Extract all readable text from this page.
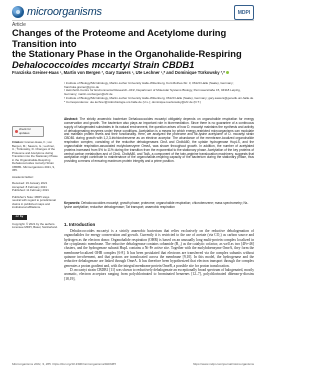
microorganisms	MDPI
Article
Changes of the Proteome and Acetylome during Transition into
the Stationary Phase in the Organohalide-Respiring
Dehalococcoides mccartyi Strain CBDB1
Franziska Greiner-Haas ¹, Martin von Bergen ², Gary Sawers ³, Ute Lechner ¹,* and Dominique Türkowsky ²,*
check for updates
Citation: Greiner-Haas, F.; von Bergen, M.; Sawers, G.; Lechner, U.; Türkowsky, D. Changes of the Proteome and Acetylome during Transition into the Stationary Phase in the Organohalide-Respiring Dehalococcoides mccartyi Strain CBDB1. Microorganisms 2021, 9, 365.
Academic Editor:
Received: 19 January 2021
Accepted: 8 February 2021
Published: 11 February 2021
Publisher's Note: MDPI stays neutral with regard to jurisdictional claims in published maps and institutional affiliations.
cc by
Copyright: © 2021 by the authors. Licensee MDPI, Basel, Switzerland.

¹ Institute of Biology/Microbiology, Martin-Luther University Halle-Wittenberg, Kurt-Mothes-Str. 3, 06120 Halle (Saale), Germany; franziska.greiner@gmx.de

² Helmholtz-Centre for Environmental Research–UFZ, Department of Molecular Systems Biology, Permoserstraße 15, 04318 Leipzig, Germany; martin.vonbergen@ufz.de

³ Institute of Biology/Microbiology, Martin-Luther University Halle-Wittenberg, 06120 Halle (Saale), Germany; gary.sawers@genetik.uni-halle.de

* Correspondence: ute.lechner@mikrobiologie.uni-halle.de (U.L.); dominique.tuerkowsky@ufz.de (D.T.)

Abstract: The strictly anaerobic bacterium Dehalococcoides mccartyi obligately depends on organohalide respiration for energy conservation and growth. The bacterium also plays an important role in bioremediation. Since there is no guarantee of a continuous supply of halogenated substrates in its natural environment, the question arises of how D. mccartyi maintains the synthesis and activity of dehalogenating enzymes under these conditions. Acetylation is a means by which energy-restricted microorganisms can modulate and maintain protein levels and their functionality. Here, we analyzed the proteome and Nε-lysine acetylome of D. mccartyi strain CBDB1 during growth with 1,2,3-trichlorobenzene as an electron acceptor. The abundance of the membrane-localized organohalide respiration complex, consisting of the reductive dehalogenases CbrA and CbdbA80, the uptake hydrogenase HupLS, and the organohalide respiration-associated molybdoenzyme OmeA, was shown throughout growth. In addition, the number of acetylated proteins increased from 5% to 11% during the transition from the exponential to the stationary phase. Acetylation of the key proteins of central carbon metabolism and of CbrA, CbdbA80, and TatA, a component of the twin-arginine translocation machinery, suggests that acetylation might contribute to maintenance of the organohalide-respiring capacity of the bacterium during the stationary phase, thus providing a means of ensuring maximum protein integrity and a prime position.
Keywords: Dehalococcoides mccartyi; growth phase; proteome; organohalide respiration; chlorobenzene; mass spectrometry; Nε-lysine acetylation; reductive dehalogenase; Tat transport; anaerobic respiration
1. Introduction

Dehalococcoides mccartyi is a strictly anaerobic bacterium that relies exclusively on the reductive dehalogenation of organohalides for energy conservation and growth. Currently it is restricted to the use of acetate (via CO₂) as carbon source and hydrogen as the electron donor. Organohalide respiration (OHR) is based on an unusually long multi-protein complex localized in the cytoplasmic membrane. The reductive dehalogenase contains cobamide (B₁₂) as the catalytic cofactor, as well as two [4Fe-4S] clusters, and the hydrogenase subunit HupL contains a Ni-Fe active site. Together with the molybdoenzyme OmeA, they form the membrane-localized OHR complex [6-8]. It has been postulated that electrons are transferred via the complex subunits without quinone involvement, and that protons are translocated across the membrane [9,10]. In this model, the hydrogenase and the reductive dehalogenase are linked through OmeA. It has therefore been hypothesized that electron transport through the complex generates a proton gradient and, with the integral membrane protein OmeB, a possible site for proton translocation.

D. mccartyi strain CBDB1 [11] was shown to reductively dehalogenate an exceptionally broad spectrum of halogenated, mostly aromatic, electron acceptors ranging from polychlorinated to brominated benzenes [12–7], polychlorinated dibenzo-p-dioxins [18,19],

Microorganisms 2021, 9, 365. https://doi.org/10.3390/microorganisms9020365	https://www.mdpi.com/journal/microorganisms
